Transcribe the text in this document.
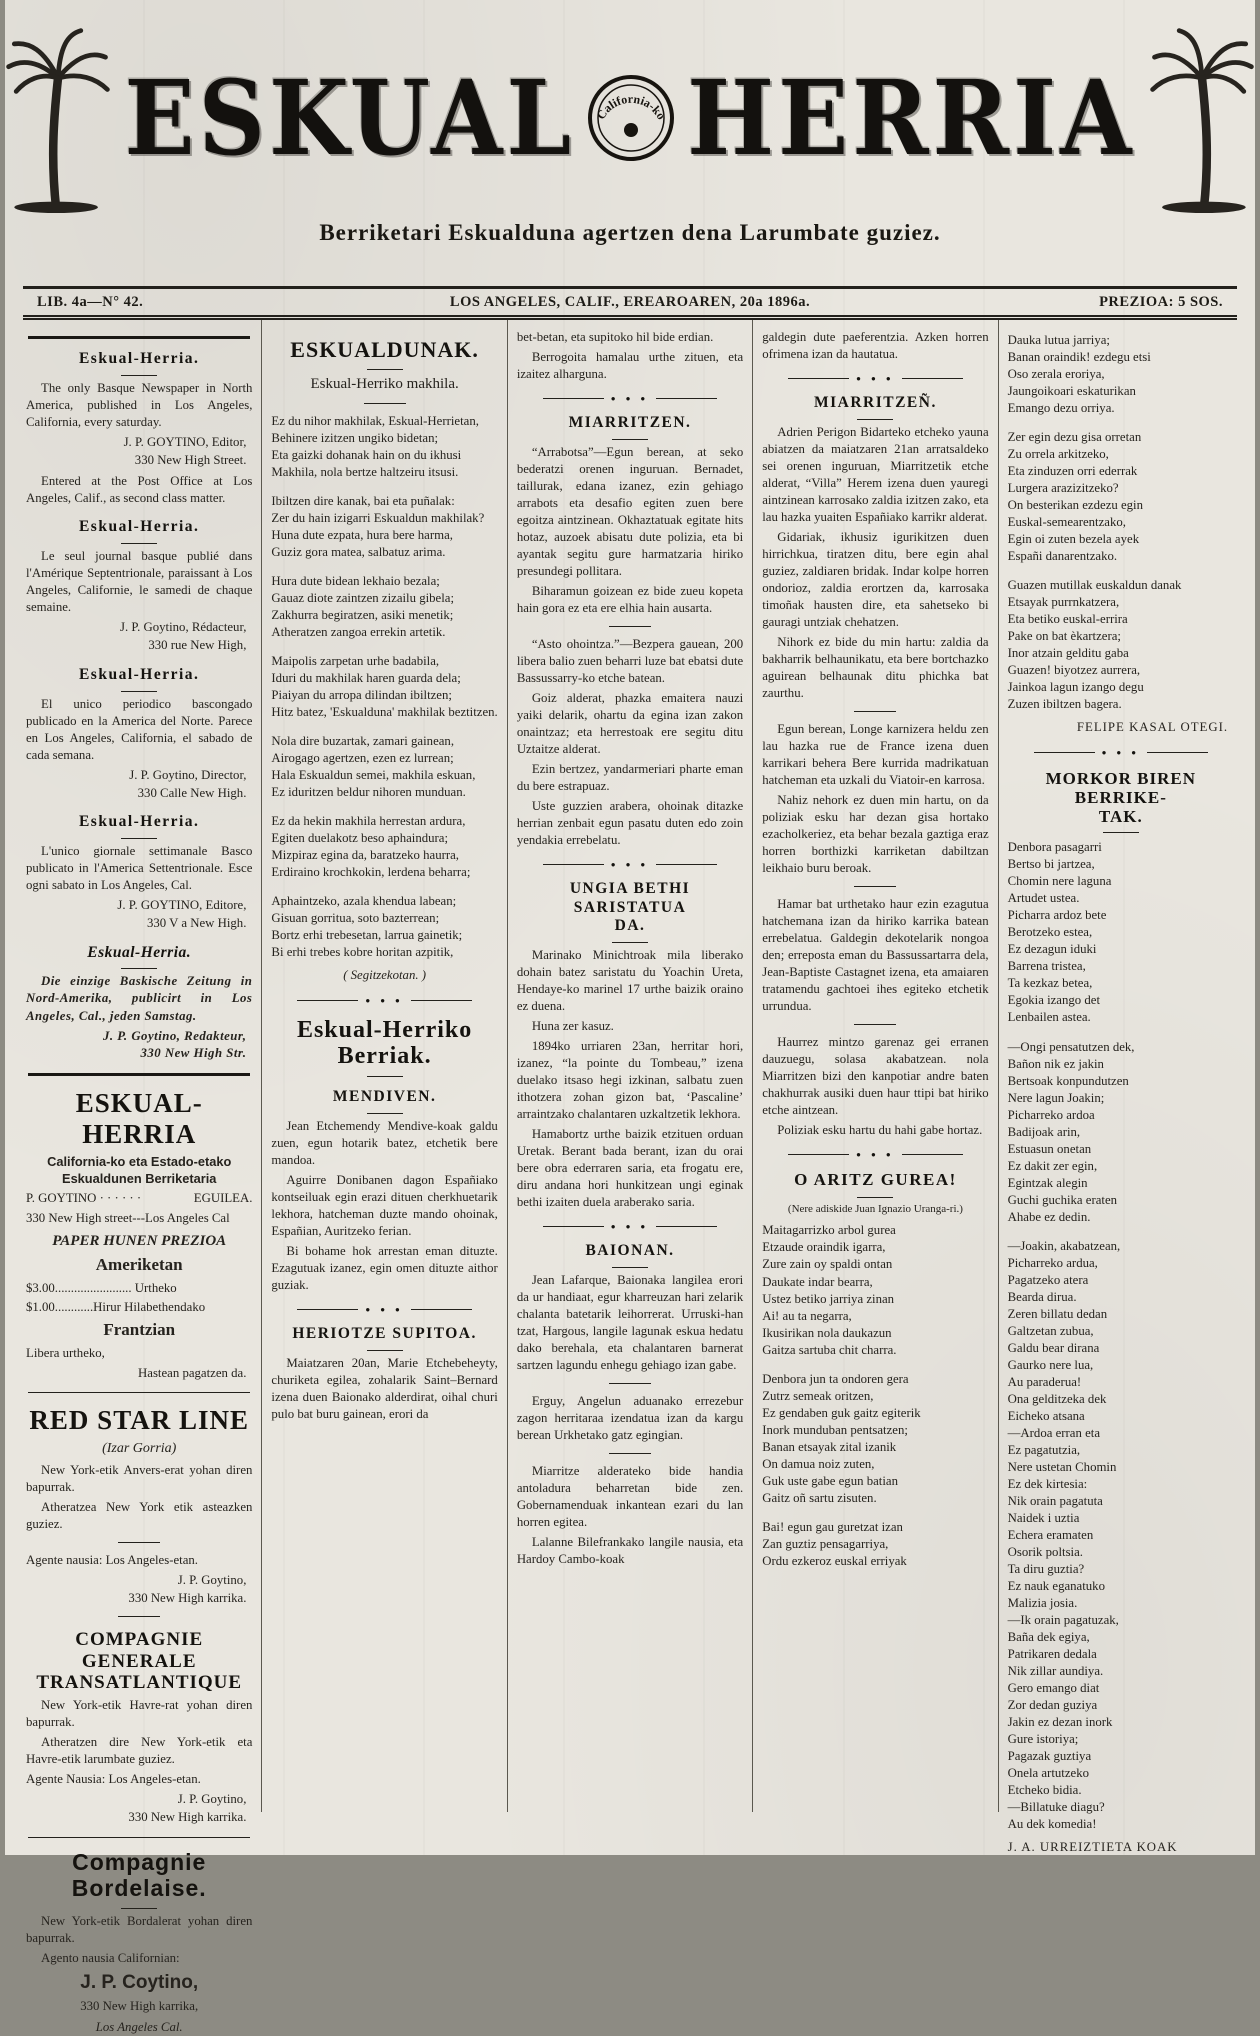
ESKUAL California-ko HERRIA
Berriketari Eskualduna agertzen dena Larumbate guziez.
LIB. 4a—N° 42.	LOS ANGELES, CALIF., EREAROAREN, 20a 1896a.	PREZIOA: 5 SOS.
Eskual-Herria.
The only Basque Newspaper in North America, published in Los Angeles, California, every saturday.
J. P. GOYTINO, Editor,
330 New High Street.
Entered at the Post Office at Los Angeles, Calif., as second class matter.
Eskual-Herria.
Le seul journal basque publié dans l'Amérique Septentrionale, paraissant à Los Angeles, Californie, le samedi de chaque semaine.
J. P. Goytino, Rédacteur,
330 rue New High,
Eskual-Herria.
El unico periodico bascongado publicado en la America del Norte. Parece en Los Angeles, California, el sabado de cada semana.
J. P. Goytino, Director,
330 Calle New High.
Eskual-Herria.
L'unico giornale settimanale Basco publicato in l'America Settentrionale. Esce ogni sabato in Los Angeles, Cal.
J. P. GOYTINO, Editore,
330 V a New High.
Eskual-Herria.
Die einzige Baskische Zeitung in Nord-Amerika, publicirt in Los Angeles, Cal., jeden Samstag.
J. P. Goytino, Redakteur,
330 New High Str.
ESKUAL-HERRIA
California-ko eta Estado-etako
Eskualdunen Berriketaria
P. GOYTINO · · · · · ·	EGUILEA.
330 New High street---Los Angeles Cal
PAPER HUNEN PREZIOA
Ameriketan
$3.00........................ Urtheko
$1.00............Hirur Hilabethendako
Frantzian
Libera urtheko,
Hastean pagatzen da.
RED STAR LINE
(Izar Gorria)
New York-etik Anvers-erat yohan diren bapurrak.
Atheratzea New York etik asteazken guziez.
Agente nausia: Los Angeles-etan.
J. P. Goytino,
330 New High karrika.
COMPAGNIE GENERALE
TRANSATLANTIQUE
New York-etik Havre-rat yohan diren bapurrak.
Atheratzen dire New York-etik eta Havre-etik larumbate guziez.
Agente Nausia: Los Angeles-etan.
J. P. Goytino,
330 New High karrika.
Compagnie Bordelaise.
New York-etik Bordalerat yohan diren bapurrak.
Agento nausia Californian:
J. P. Coytino,
330 New High karrika,
Los Angeles Cal.
ESKUALDUNAK.
Eskual-Herriko makhila.
Ez du nihor makhilak, Eskual-Herrietan,
Behinere izitzen ungiko bidetan;
Eta gaizki dohanak hain on du ikhusi
Makhila, nola bertze haltzeiru itsusi.
Ibiltzen dire kanak, bai eta puñalak:
Zer du hain izigarri Eskualdun makhilak?
Huna dute ezpata, hura bere harma,
Guziz gora matea, salbatuz arima.
Hura dute bidean lekhaio bezala;
Gauaz diote zaintzen zizailu gibela;
Zakhurra begiratzen, asiki menetik;
Atheratzen zangoa errekin artetik.
Maipolis zarpetan urhe badabila,
Iduri du makhilak haren guarda dela;
Piaiyan du arropa dilindan ibiltzen;
Hitz batez, 'Eskualduna' makhilak beztitzen.
Nola dire buzartak, zamari gainean,
Airogago agertzen, ezen ez lurrean;
Hala Eskualdun semei, makhila eskuan,
Ez iduritzen beldur nihoren munduan.
Ez da hekin makhila herrestan ardura,
Egiten duelakotz beso aphaindura;
Mizpiraz egina da, baratzeko haurra,
Erdiraino krochkokin, lerdena beharra;
Aphaintzeko, azala khendua labean;
Gisuan gorritua, soto bazterrean;
Bortz erhi trebesetan, larrua gainetik;
Bi erhi trebes kobre horitan azpitik,
( Segitzekotan. )
● ● ●
Eskual-Herriko Berriak.
MENDIVEN.
Jean Etchemendy Mendive-koak galdu zuen, egun hotarik batez, etchetik bere mandoa.
Aguirre Donibanen dagon Españiako kontseiluak egin erazi dituen cherkhuetarik lekhora, hatcheman duzte mando ohoinak, Españian, Auritzeko ferian.
Bi bohame hok arrestan eman dituzte. Ezagutuak izanez, egin omen dituzte aithor guziak.
● ● ●
HERIOTZE SUPITOA.
Maiatzaren 20an, Marie Etchebeheyty, churiketa egilea, zohalarik Saint–Bernard izena duen Baionako alderdirat, oihal churi pulo bat buru gainean, erori da
bet-betan, eta supitoko hil bide erdian.
Berrogoita hamalau urthe zituen, eta izaitez alharguna.
● ● ●
MIARRITZEN.
“Arrabotsa”—Egun berean, at seko bederatzi orenen inguruan. Bernadet, taillurak, edana izanez, ezin gehiago arrabots eta desafio egiten zuen bere egoitza aintzinean. Okhaztatuak egitate hits hotaz, auzoek abisatu dute polizia, eta bi ayantak segitu gure harmatzaria hiriko presundegi pollitara.
Biharamun goizean ez bide zueu kopeta hain gora ez eta ere elhia hain ausarta.
“Asto ohointza.”—Bezpera gauean, 200 libera balio zuen beharri luze bat ebatsi dute Bassussarry-ko etche batean.
Goiz alderat, phazka emaitera nauzi yaiki delarik, ohartu da egina izan zakon onaintzaz; eta herrestoak ere segitu ditu Uztaitze alderat.
Ezin bertzez, yandarmeriari pharte eman du bere estrapuaz.
Uste guzzien arabera, ohoinak ditazke herrian zenbait egun pasatu duten edo zoin yendakia errebelatu.
● ● ●
UNGIA BETHI SARISTATUA
DA.
Marinako Minichtroak mila liberako dohain batez saristatu du Yoachin Ureta, Hendaye-ko marinel 17 urthe baizik oraino ez duena.
Huna zer kasuz.
1894ko urriaren 23an, herritar hori, izanez, “la pointe du Tombeau,” izena duelako itsaso hegi izkinan, salbatu zuen ithotzera zohan gizon bat, ‘Pascaline’ arraintzako chalantaren uzkaltzetik lekhora.
Hamabortz urthe baizik etzituen orduan Uretak. Berant bada berant, izan du orai bere obra ederraren saria, eta frogatu ere, diru andana hori hunkitzean ungi eginak bethi izaiten duela araberako saria.
● ● ●
BAIONAN.
Jean Lafarque, Baionaka langilea erori da ur handiaat, egur kharreuzan hari zelarik chalanta batetarik leihorrerat. Urruski-han tzat, Hargous, langile lagunak eskua hedatu dako berehala, eta chalantaren barnerat sartzen lagundu enhegu gehiago izan gabe.
Erguy, Angelun aduanako errezebur zagon herritaraa izendatua izan da kargu berean Urkhetako gatz egingian.
Miarritze alderateko bide handia antoladura beharretan bide zen. Gobernamenduak inkantean ezari du lan horren egitea.
Lalanne Bilefrankako langile nausia, eta Hardoy Cambo-koak
galdegin dute paeferentzia. Azken horren ofrimena izan da hautatua.
● ● ●
MIARRITZEÑ.
Adrien Perigon Bidarteko etcheko yauna abiatzen da maiatzaren 21an arratsaldeko sei orenen inguruan, Miarritzetik etche alderat, “Villa” Herem izena duen yauregi aintzinean karrosako zaldia izitzen zako, eta lau hazka yuaiten Españiako karrikr alderat.
Gidariak, ikhusiz igurikitzen duen hirrichkua, tiratzen ditu, bere egin ahal guziez, zaldiaren bridak. Indar kolpe horren ondorioz, zaldia erortzen da, karrosaka timoñak hausten dire, eta sahetseko bi gauragi untziak chehatzen.
Nihork ez bide du min hartu: zaldia da bakharrik belhaunikatu, eta bere bortchazko aguirean belhaunak ditu phichka bat zaurthu.
Egun berean, Longe karnizera heldu zen lau hazka rue de France izena duen karrikari behera Bere kurrida madrikatuan hatcheman eta uzkali du Viatoir-en karrosa.
Nahiz nehork ez duen min hartu, on da poliziak esku har dezan gisa hortako ezacholkeriez, eta behar bezala gaztiga eraz horren borthizki karriketan dabiltzan leikhaio buru beroak.
Hamar bat urthetako haur ezin ezagutua hatchemana izan da hiriko karrika batean errebelatua. Galdegin dekotelarik nongoa den; erreposta eman du Bassussartarra dela, Jean-Baptiste Castagnet izena, eta amaiaren tratamendu gachtoei ihes egiteko etchetik urrundua.
Haurrez mintzo garenaz gei erranen dauzuegu, solasa akabatzean. nola Miarritzen bizi den kanpotiar andre baten chakhurrak ausiki duen haur ttipi bat hiriko etche aintzean.
Poliziak esku hartu du hahi gabe hortaz.
● ● ●
O ARITZ GUREA!
(Nere adiskide Juan Ignazio Uranga-ri.)
Maitagarrizko arbol gurea
Etzaude oraindik igarra,
Zure zain oy spaldi ontan
Daukate indar bearra,
Ustez betiko jarriya zinan
Ai! au ta negarra,
Ikusirikan nola daukazun
Gaitza sartuba chit charra.
Denbora jun ta ondoren gera
Zutrz semeak oritzen,
Ez gendaben guk gaitz egiterik
Inork munduban pentsatzen;
Banan etsayak zital izanik
On damua noiz zuten,
Guk uste gabe egun batian
Gaitz oñ sartu zisuten.
Bai! egun gau guretzat izan
Zan guztiz pensagarriya,
Ordu ezkeroz euskal erriyak
Dauka lutua jarriya;
Banan oraindik! ezdegu etsi
Oso zerala eroriya,
Jaungoikoari eskaturikan
Emango dezu orriya.
Zer egin dezu gisa orretan
Zu orrela arkitzeko,
Eta zinduzen orri ederrak
Lurgera arazizitzeko?
On besterikan ezdezu egin
Euskal-semearentzako,
Egin oi zuten bezela ayek
Españi danarentzako.
Guazen mutillak euskaldun danak
Etsayak purrnkatzera,
Eta betiko euskal-errira
Pake on bat èkartzera;
Inor atzain gelditu gaba
Guazen! biyotzez aurrera,
Jainkoa lagun izango degu
Zuzen ibiltzen bagera.
FELIPE KASAL OTEGI.
● ● ●
MORKOR BIREN BERRIKE-
TAK.
Denbora pasagarri
Bertso bi jartzea,
Chomin nere laguna
Artudet ustea.
Picharra ardoz bete
Berotzeko estea,
Ez dezagun iduki
Barrena tristea,
Ta kezkaz betea,
Egokia izango det
Lenbailen astea.
—Ongi pensatutzen dek,
Bañon nik ez jakin
Bertsoak konpundutzen
Nere lagun Joakin;
Picharreko ardoa
Badijoak arin,
Estuasun onetan
Ez dakit zer egin,
Egintzak alegin
Guchi guchika eraten
Ahabe ez dedin.
—Joakin, akabatzean,
Picharreko ardua,
Pagatzeko atera
Bearda dirua.
Zeren billatu dedan
Galtzetan zubua,
Galdu bear dirana
Gaurko nere lua,
Au paraderua!
Ona gelditzeka dek
Eicheko atsana
—Ardoa erran eta
Ez pagatutzia,
Nere ustetan Chomin
Ez dek kirtesia:
Nik orain pagatuta
Naidek i uztia
Echera eramaten
Osorik poltsia.
Ta diru guztia?
Ez nauk eganatuko
Malizia josia.
—Ik orain pagatuzak,
Baña dek egiya,
Patrikaren dedala
Nik zillar aundiya.
Gero emango diat
Zor dedan guziya
Jakin ez dezan inork
Gure istoriya;
Pagazak guztiya
Onela artutzeko
Etcheko bidia.
—Billatuke diagu?
Au dek komedia!
J. A. URREIZTIETA KOAK
